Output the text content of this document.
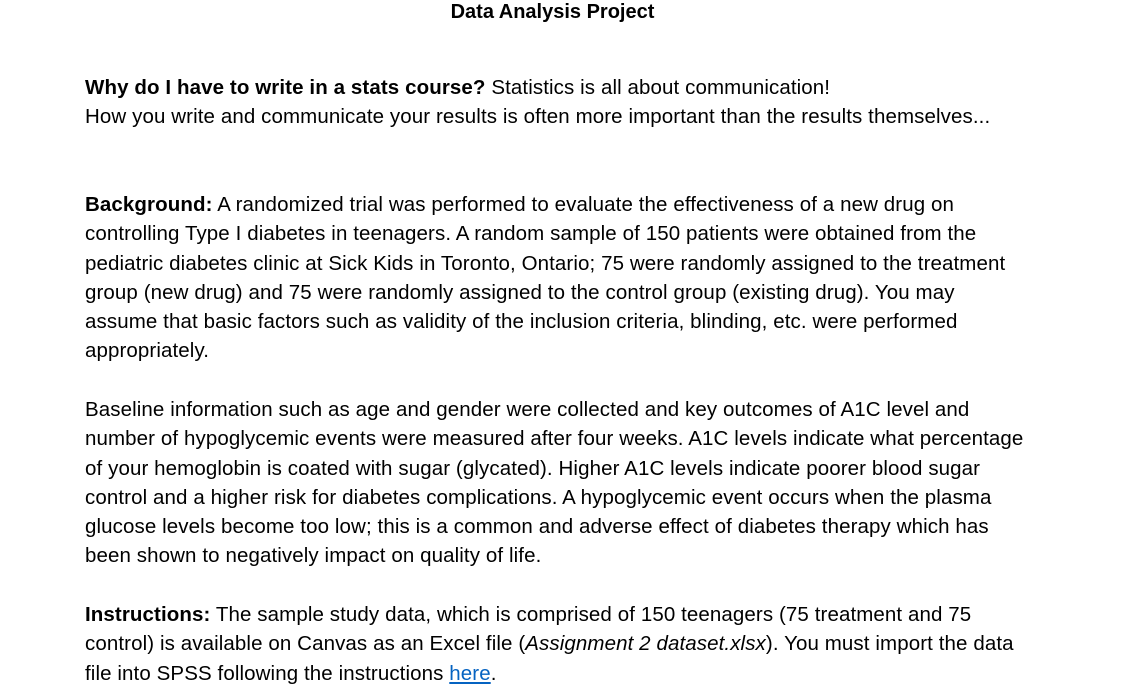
Data Analysis Project

Why do I have to write in a stats course? Statistics is all about communication!
How you write and communicate your results is often more important than the results themselves...

Background: A randomized trial was performed to evaluate the effectiveness of a new drug on controlling Type I diabetes in teenagers. A random sample of 150 patients were obtained from the pediatric diabetes clinic at Sick Kids in Toronto, Ontario; 75 were randomly assigned to the treatment group (new drug) and 75 were randomly assigned to the control group (existing drug). You may assume that basic factors such as validity of the inclusion criteria, blinding, etc. were performed appropriately.

Baseline information such as age and gender were collected and key outcomes of A1C level and number of hypoglycemic events were measured after four weeks. A1C levels indicate what percentage of your hemoglobin is coated with sugar (glycated). Higher A1C levels indicate poorer blood sugar control and a higher risk for diabetes complications. A hypoglycemic event occurs when the plasma glucose levels become too low; this is a common and adverse effect of diabetes therapy which has been shown to negatively impact on quality of life.

Instructions: The sample study data, which is comprised of 150 teenagers (75 treatment and 75 control) is available on Canvas as an Excel file (Assignment 2 dataset.xlsx). You must import the data file into SPSS following the instructions here.
